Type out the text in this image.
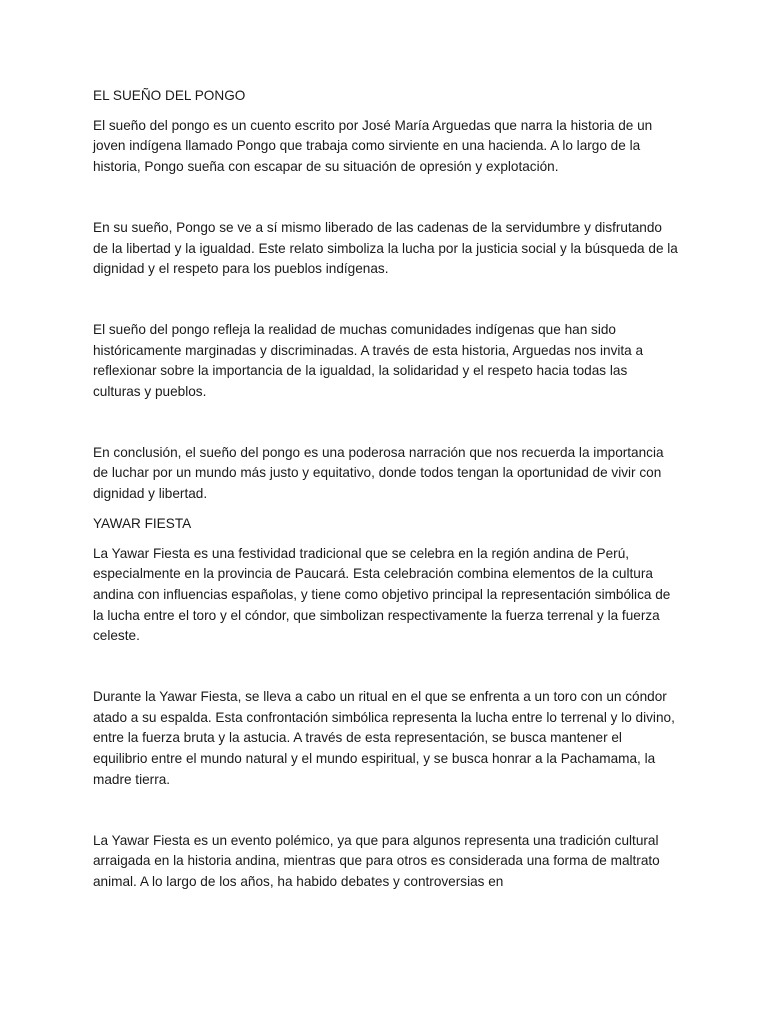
EL SUEÑO DEL PONGO

El sueño del pongo es un cuento escrito por José María Arguedas que narra la historia de un joven indígena llamado Pongo que trabaja como sirviente en una hacienda. A lo largo de la historia, Pongo sueña con escapar de su situación de opresión y explotación.

En su sueño, Pongo se ve a sí mismo liberado de las cadenas de la servidumbre y disfrutando de la libertad y la igualdad. Este relato simboliza la lucha por la justicia social y la búsqueda de la dignidad y el respeto para los pueblos indígenas.

El sueño del pongo refleja la realidad de muchas comunidades indígenas que han sido históricamente marginadas y discriminadas. A través de esta historia, Arguedas nos invita a reflexionar sobre la importancia de la igualdad, la solidaridad y el respeto hacia todas las culturas y pueblos.

En conclusión, el sueño del pongo es una poderosa narración que nos recuerda la importancia de luchar por un mundo más justo y equitativo, donde todos tengan la oportunidad de vivir con dignidad y libertad.

YAWAR FIESTA

La Yawar Fiesta es una festividad tradicional que se celebra en la región andina de Perú, especialmente en la provincia de Paucará. Esta celebración combina elementos de la cultura andina con influencias españolas, y tiene como objetivo principal la representación simbólica de la lucha entre el toro y el cóndor, que simbolizan respectivamente la fuerza terrenal y la fuerza celeste.

Durante la Yawar Fiesta, se lleva a cabo un ritual en el que se enfrenta a un toro con un cóndor atado a su espalda. Esta confrontación simbólica representa la lucha entre lo terrenal y lo divino, entre la fuerza bruta y la astucia. A través de esta representación, se busca mantener el equilibrio entre el mundo natural y el mundo espiritual, y se busca honrar a la Pachamama, la madre tierra.

La Yawar Fiesta es un evento polémico, ya que para algunos representa una tradición cultural arraigada en la historia andina, mientras que para otros es considerada una forma de maltrato animal. A lo largo de los años, ha habido debates y controversias en
